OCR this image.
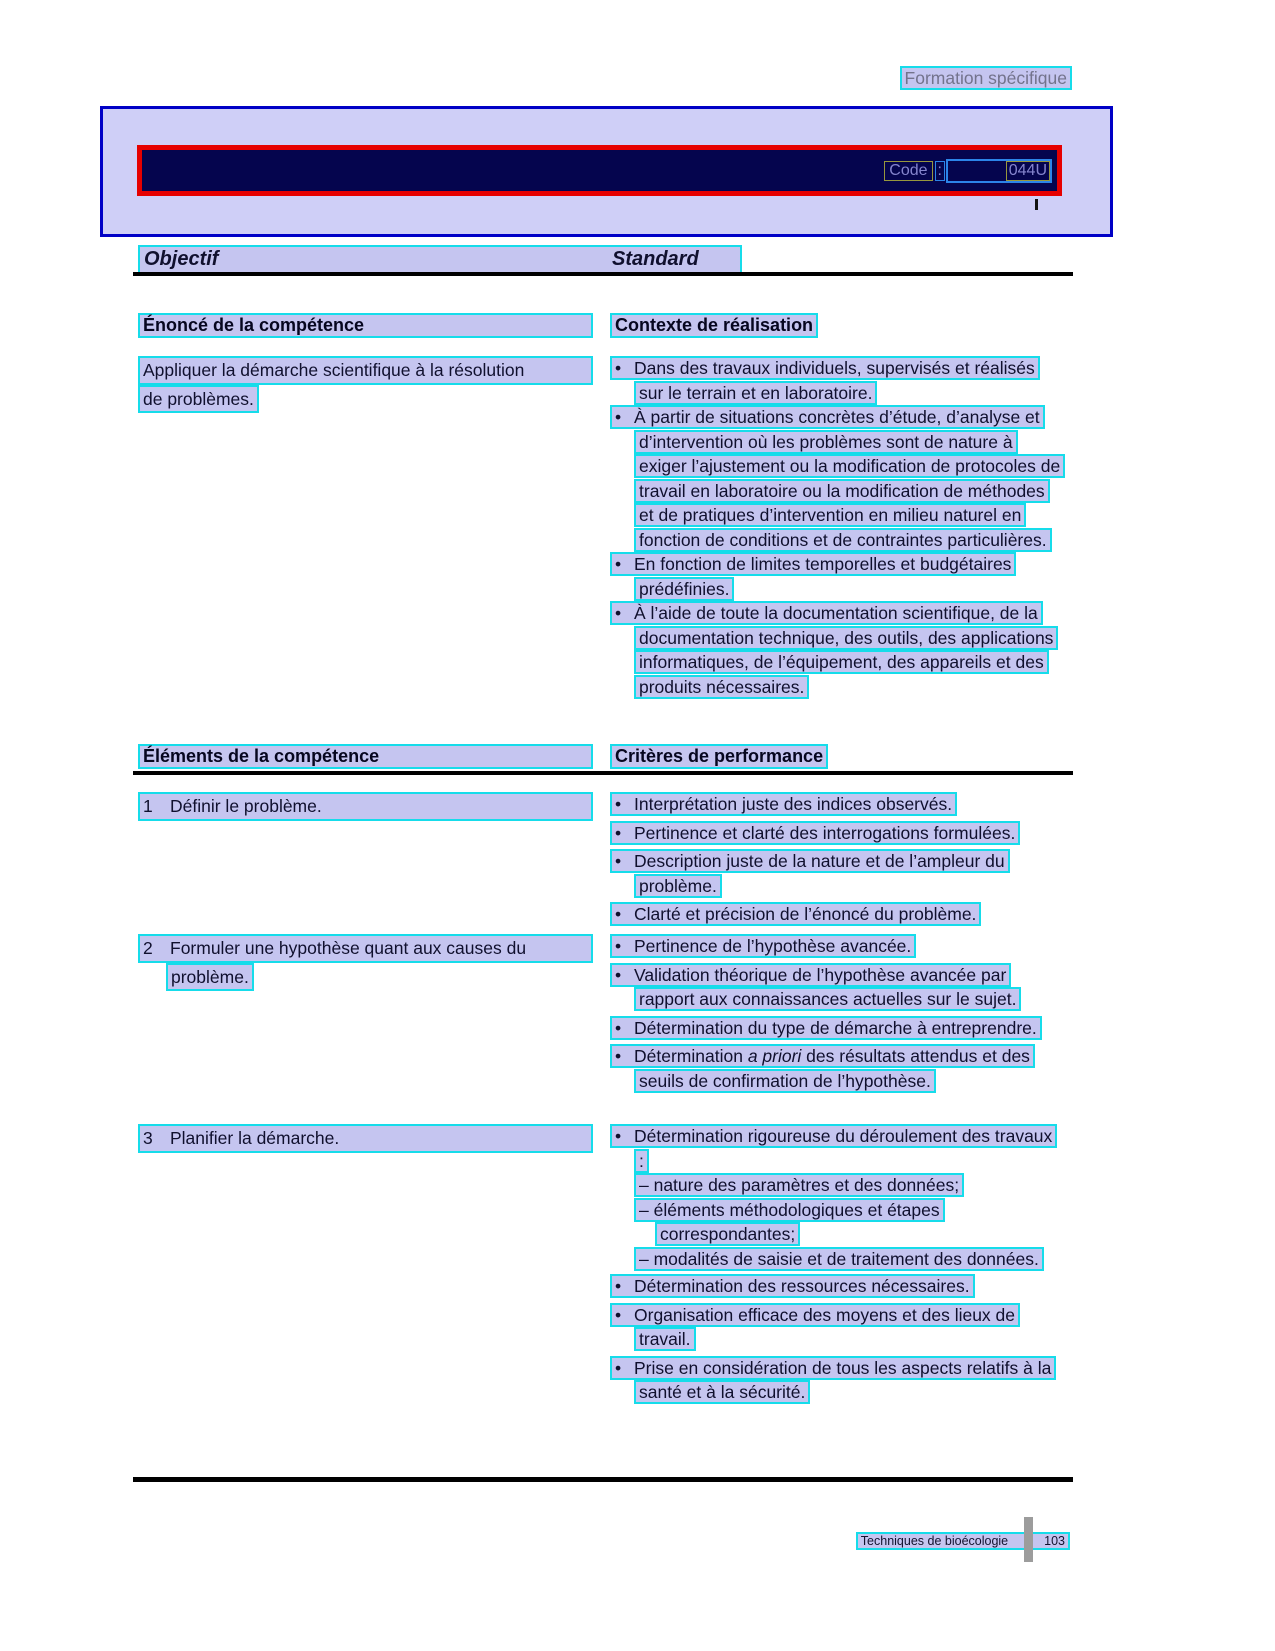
Formation spécifique
Code :	044U
Objectif	Standard
Énoncé de la compétence	Contexte de réalisation
Appliquer la démarche scientifique à la résolution
de problèmes.
• Dans des travaux individuels, supervisés et réalisés sur le terrain et en laboratoire.
• À partir de situations concrètes d’étude, d’analyse et d’intervention où les problèmes sont de nature à exiger l’ajustement ou la modification de protocoles de travail en laboratoire ou la modification de méthodes et de pratiques d’intervention en milieu naturel en fonction de conditions et de contraintes particulières.
• En fonction de limites temporelles et budgétaires prédéfinies.
• À l’aide de toute la documentation scientifique, de la documentation technique, des outils, des applications informatiques, de l’équipement, des appareils et des produits nécessaires.
Éléments de la compétence	Critères de performance
1 Définir le problème.	• Interprétation juste des indices observés.
• Pertinence et clarté des interrogations formulées.
• Description juste de la nature et de l’ampleur du problème.
• Clarté et précision de l’énoncé du problème.
2 Formuler une hypothèse quant aux causes du
problème.
• Pertinence de l’hypothèse avancée.
• Validation théorique de l’hypothèse avancée par rapport aux connaissances actuelles sur le sujet.
• Détermination du type de démarche à entreprendre.
• Détermination a priori des résultats attendus et des seuils de confirmation de l’hypothèse.
3 Planifier la démarche.	• Détermination rigoureuse du déroulement des travaux :
– nature des paramètres et des données;
– éléments méthodologiques et étapes correspondantes;
– modalités de saisie et de traitement des données.
• Détermination des ressources nécessaires.
• Organisation efficace des moyens et des lieux de travail.
• Prise en considération de tous les aspects relatifs à la santé et à la sécurité.
Techniques de bioécologie	103
